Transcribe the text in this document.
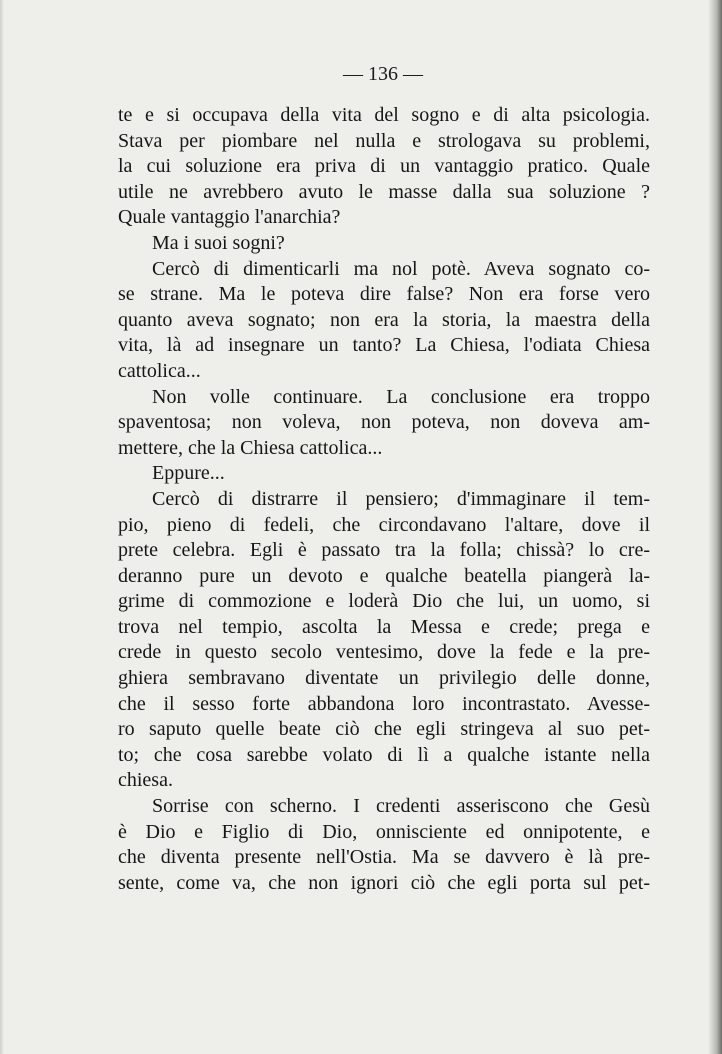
— 136 —
te e si occupava della vita del sogno e di alta psicologia.
Stava per piombare nel nulla e strologava su problemi,
la cui soluzione era priva di un vantaggio pratico. Quale
utile ne avrebbero avuto le masse dalla sua soluzione ?
Quale vantaggio l'anarchia?
Ma i suoi sogni?
Cercò di dimenticarli ma nol potè. Aveva sognato co-
se strane. Ma le poteva dire false? Non era forse vero
quanto aveva sognato; non era la storia, la maestra della
vita, là ad insegnare un tanto? La Chiesa, l'odiata Chiesa
cattolica...
Non volle continuare. La conclusione era troppo
spaventosa; non voleva, non poteva, non doveva am-
mettere, che la Chiesa cattolica...
Eppure...
Cercò di distrarre il pensiero; d'immaginare il tem-
pio, pieno di fedeli, che circondavano l'altare, dove il
prete celebra. Egli è passato tra la folla; chissà? lo cre-
deranno pure un devoto e qualche beatella piangerà la-
grime di commozione e loderà Dio che lui, un uomo, si
trova nel tempio, ascolta la Messa e crede; prega e
crede in questo secolo ventesimo, dove la fede e la pre-
ghiera sembravano diventate un privilegio delle donne,
che il sesso forte abbandona loro incontrastato. Avesse-
ro saputo quelle beate ciò che egli stringeva al suo pet-
to; che cosa sarebbe volato di lì a qualche istante nella
chiesa.
Sorrise con scherno. I credenti asseriscono che Gesù
è Dio e Figlio di Dio, onnisciente ed onnipotente, e
che diventa presente nell'Ostia. Ma se davvero è là pre-
sente, come va, che non ignori ciò che egli porta sul pet-
